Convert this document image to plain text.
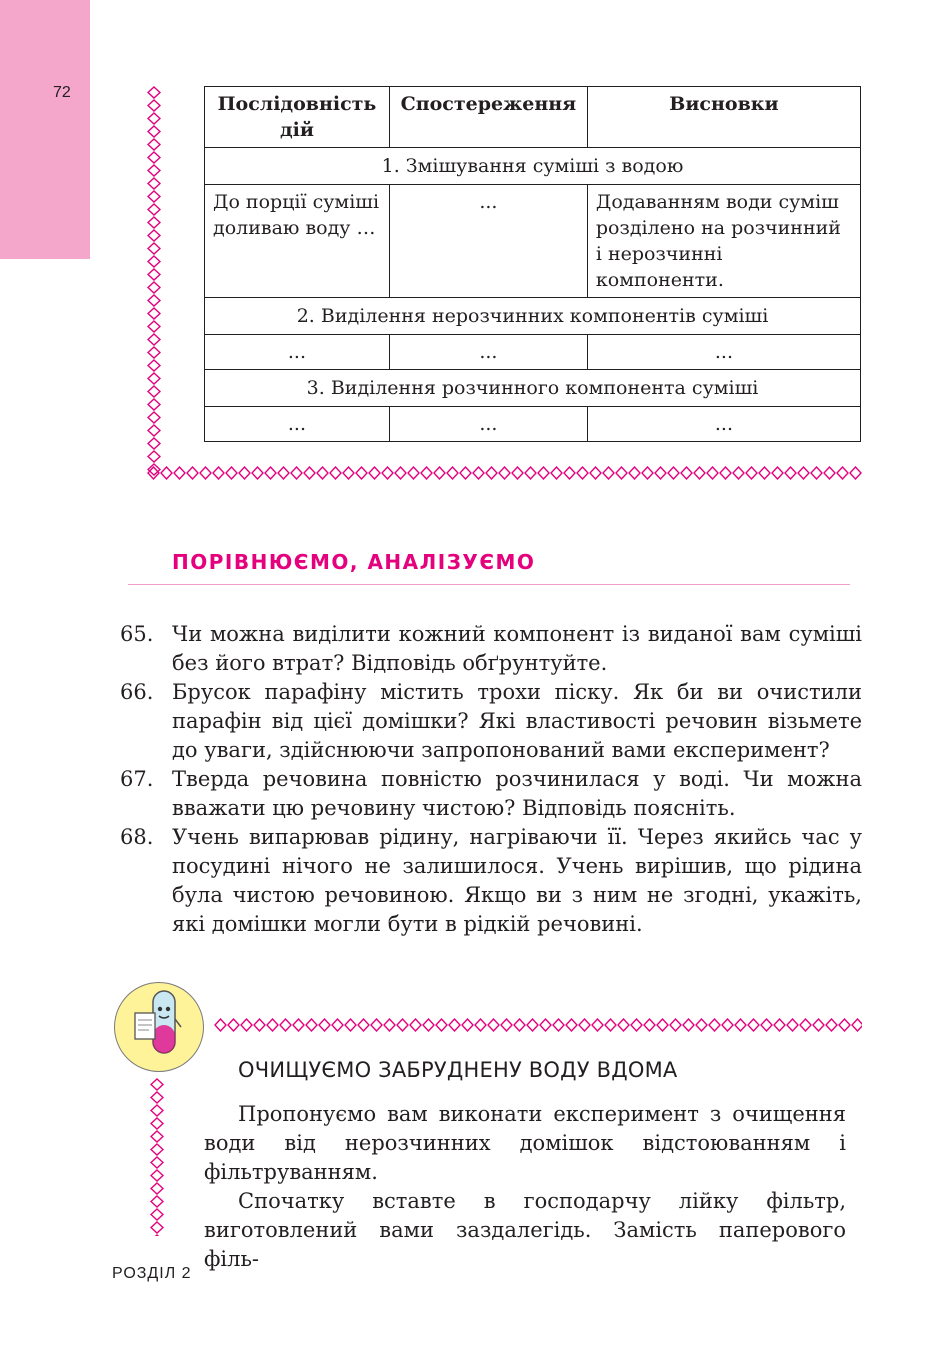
72
Послідовність дій	Спостереження	Висновки
1. Змішування суміші з водою		
До порції суміші доливаю воду …	...	Додаванням води суміш розділено на розчинний і нерозчинні компоненти.
2. Виділення нерозчинних компонентів суміші		
...	...	...
3. Виділення розчинного компонента суміші		
...	...	...
ПОРІВНЮЄМО, АНАЛІЗУЄМО
65. Чи можна виділити кожний компонент із виданої вам суміші без його втрат? Відповідь обґрунтуйте.
66. Брусок парафіну містить трохи піску. Як би ви очистили парафін від цієї домішки? Які властивості речовин візьмете до уваги, здійснюючи запропонований вами експеримент?
67. Тверда речовина повністю розчинилася у воді. Чи можна вважати цю речовину чистою? Відповідь поясніть.
68. Учень випарював рідину, нагріваючи її. Через якийсь час у посудині нічого не залишилося. Учень вирішив, що рідина була чистою речовиною. Якщо ви з ним не згодні, укажіть, які домішки могли бути в рідкій речовині.
ОЧИЩУЄМО ЗАБРУДНЕНУ ВОДУ ВДОМА

Пропонуємо вам виконати експеримент з очищення води від нерозчинних домішок відстоюванням і фільтруванням.

Спочатку вставте в господарчу лійку фільтр, виготовлений вами заздалегідь. Замість паперового філь-

РОЗДІЛ 2
